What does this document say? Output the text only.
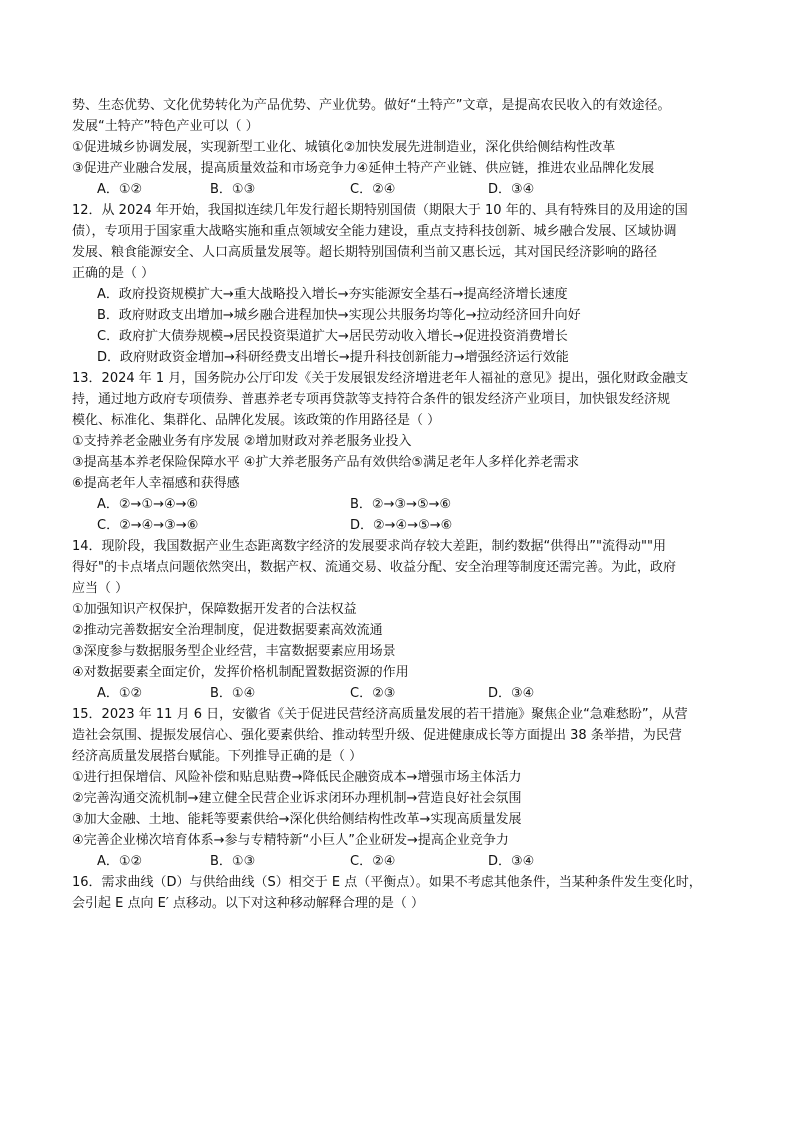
势、生态优势、文化优势转化为产品优势、产业优势。做好“土特产”文章，是提高农民收入的有效途径。
发展“土特产”特色产业可以（ ）
①促进城乡协调发展，实现新型工业化、城镇化②加快发展先进制造业，深化供给侧结构性改革
③促进产业融合发展，提高质量效益和市场竞争力④延伸土特产产业链、供应链，推进农业品牌化发展
A．①②	B．①③	C．②④	D．③④
12．从 2024 年开始，我国拟连续几年发行超长期特别国债（期限大于 10 年的、具有特殊目的及用途的国
债），专项用于国家重大战略实施和重点领域安全能力建设，重点支持科技创新、城乡融合发展、区域协调
发展、粮食能源安全、人口高质量发展等。超长期特别国债利当前又惠长远，其对国民经济影响的路径
正确的是（ ）
A．政府投资规模扩大→重大战略投入增长→夯实能源安全基石→提高经济增长速度
B．政府财政支出增加→城乡融合进程加快→实现公共服务均等化→拉动经济回升向好
C．政府扩大债券规模→居民投资渠道扩大→居民劳动收入增长→促进投资消费增长
D．政府财政资金增加→科研经费支出增长→提升科技创新能力→增强经济运行效能
13．2024 年 1 月，国务院办公厅印发《关于发展银发经济增进老年人福祉的意见》提出，强化财政金融支
持，通过地方政府专项债券、普惠养老专项再贷款等支持符合条件的银发经济产业项目，加快银发经济规
模化、标准化、集群化、品牌化发展。该政策的作用路径是（ ）
①支持养老金融业务有序发展 ②增加财政对养老服务业投入
③提高基本养老保险保障水平 ④扩大养老服务产品有效供给⑤满足老年人多样化养老需求
⑥提高老年人幸福感和获得感
A．②→①→④→⑥	B．②→③→⑤→⑥
C．②→④→③→⑥	D．②→④→⑤→⑥
14．现阶段，我国数据产业生态距离数字经济的发展要求尚存较大差距，制约数据“供得出”"流得动""用
得好"的卡点堵点问题依然突出，数据产权、流通交易、收益分配、安全治理等制度还需完善。为此，政府
应当（ ）
①加强知识产权保护，保障数据开发者的合法权益
②推动完善数据安全治理制度，促进数据要素高效流通
③深度参与数据服务型企业经营，丰富数据要素应用场景
④对数据要素全面定价，发挥价格机制配置数据资源的作用
A．①②	B．①④	C．②③	D．③④
15．2023 年 11 月 6 日，安徽省《关于促进民营经济高质量发展的若干措施》聚焦企业“急难愁盼”，从营
造社会氛围、提振发展信心、强化要素供给、推动转型升级、促进健康成长等方面提出 38 条举措，为民营
经济高质量发展搭台赋能。下列推导正确的是（ ）
①进行担保增信、风险补偿和贴息贴费→降低民企融资成本→增强市场主体活力
②完善沟通交流机制→建立健全民营企业诉求闭环办理机制→营造良好社会氛围
③加大金融、土地、能耗等要素供给→深化供给侧结构性改革→实现高质量发展
④完善企业梯次培育体系→参与专精特新“小巨人”企业研发→提高企业竞争力
A．①②	B．①③	C．②④	D．③④
16．需求曲线（D）与供给曲线（S）相交于 E 点（平衡点）。如果不考虑其他条件，当某种条件发生变化时，
会引起 E 点向 E′ 点移动。以下对这种移动解释合理的是（ ）
